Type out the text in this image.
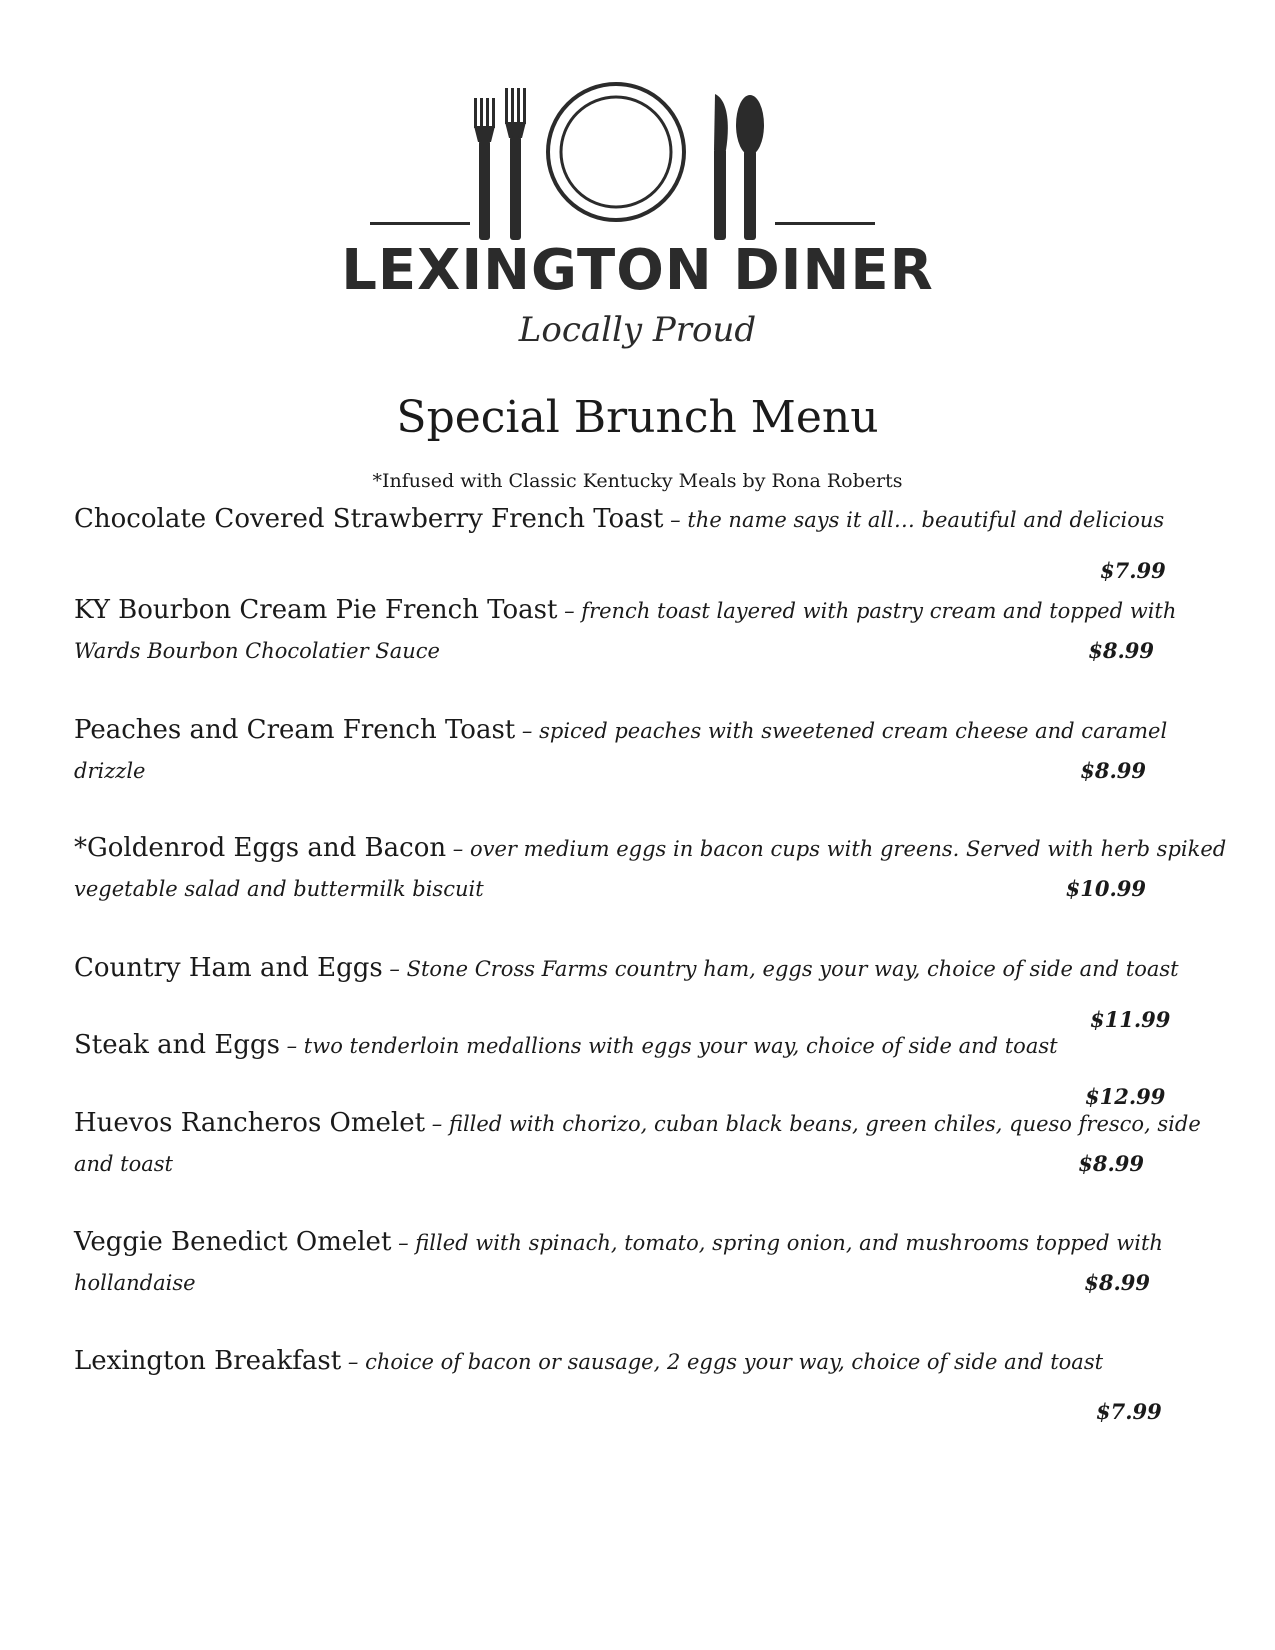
LEXINGTON DINER
Locally Proud
Special Brunch Menu
*Infused with Classic Kentucky Meals by Rona Roberts
Chocolate Covered Strawberry French Toast – the name says it all… beautiful and delicious
$7.99
KY Bourbon Cream Pie French Toast – french toast layered with pastry cream and topped with
Wards Bourbon Chocolatier Sauce	$8.99
Peaches and Cream French Toast – spiced peaches with sweetened cream cheese and caramel
drizzle	$8.99
*Goldenrod Eggs and Bacon – over medium eggs in bacon cups with greens. Served with herb spiked
vegetable salad and buttermilk biscuit	$10.99
Country Ham and Eggs – Stone Cross Farms country ham, eggs your way, choice of side and toast
$11.99
Steak and Eggs – two tenderloin medallions with eggs your way, choice of side and toast
$12.99
Huevos Rancheros Omelet – filled with chorizo, cuban black beans, green chiles, queso fresco, side
and toast	$8.99
Veggie Benedict Omelet – filled with spinach, tomato, spring onion, and mushrooms topped with
hollandaise	$8.99
Lexington Breakfast – choice of bacon or sausage, 2 eggs your way, choice of side and toast
$7.99
